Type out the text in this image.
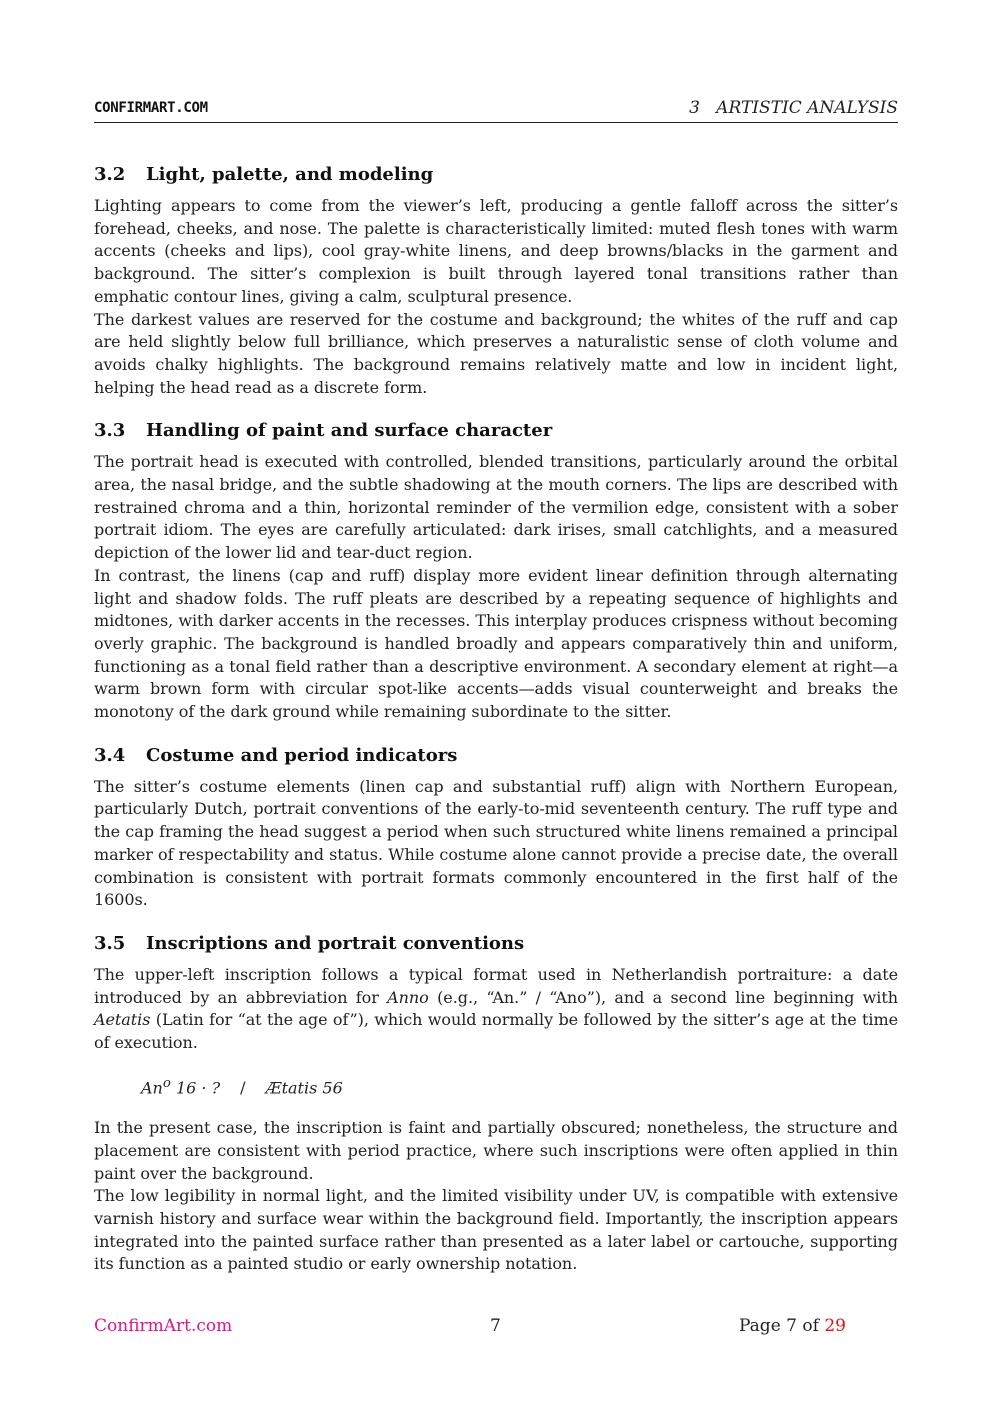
CONFIRMART.COM	3   ARTISTIC ANALYSIS
3.2 Light, palette, and modeling

Lighting appears to come from the viewer’s left, producing a gentle falloff across the sitter’s forehead, cheeks, and nose. The palette is characteristically limited: muted flesh tones with warm accents (cheeks and lips), cool gray-white linens, and deep browns/blacks in the garment and background. The sitter’s complexion is built through layered tonal transitions rather than emphatic contour lines, giving a calm, sculptural presence.

The darkest values are reserved for the costume and background; the whites of the ruff and cap are held slightly below full brilliance, which preserves a naturalistic sense of cloth volume and avoids chalky highlights. The background remains relatively matte and low in incident light, helping the head read as a discrete form.

3.3 Handling of paint and surface character

The portrait head is executed with controlled, blended transitions, particularly around the orbital area, the nasal bridge, and the subtle shadowing at the mouth corners. The lips are described with restrained chroma and a thin, horizontal reminder of the vermilion edge, consistent with a sober portrait idiom. The eyes are carefully articulated: dark irises, small catchlights, and a measured depiction of the lower lid and tear-duct region.

In contrast, the linens (cap and ruff) display more evident linear definition through alternating light and shadow folds. The ruff pleats are described by a repeating sequence of highlights and midtones, with darker accents in the recesses. This interplay produces crispness without becoming overly graphic. The background is handled broadly and appears comparatively thin and uniform, functioning as a tonal field rather than a descriptive environment. A secondary element at right—a warm brown form with circular spot-like accents—adds visual counterweight and breaks the monotony of the dark ground while remaining subordinate to the sitter.

3.4 Costume and period indicators

The sitter’s costume elements (linen cap and substantial ruff) align with Northern European, particularly Dutch, portrait conventions of the early-to-mid seventeenth century. The ruff type and the cap framing the head suggest a period when such structured white linens remained a principal marker of respectability and status. While costume alone cannot provide a precise date, the overall combination is consistent with portrait formats commonly encountered in the first half of the 1600s.

3.5 Inscriptions and portrait conventions

The upper-left inscription follows a typical format used in Netherlandish portraiture: a date introduced by an abbreviation for Anno (e.g., “An.” / “Ano”), and a second line beginning with Aetatis (Latin for “at the age of”), which would normally be followed by the sitter’s age at the time of execution.

An$^o$ 16 · ? / Ætatis 56

In the present case, the inscription is faint and partially obscured; nonetheless, the structure and placement are consistent with period practice, where such inscriptions were often applied in thin paint over the background.

The low legibility in normal light, and the limited visibility under UV, is compatible with extensive varnish history and surface wear within the background field. Importantly, the inscription appears integrated into the painted surface rather than presented as a later label or cartouche, supporting its function as a painted studio or early ownership notation.

ConfirmArt.com	7	Page 7 of 29
